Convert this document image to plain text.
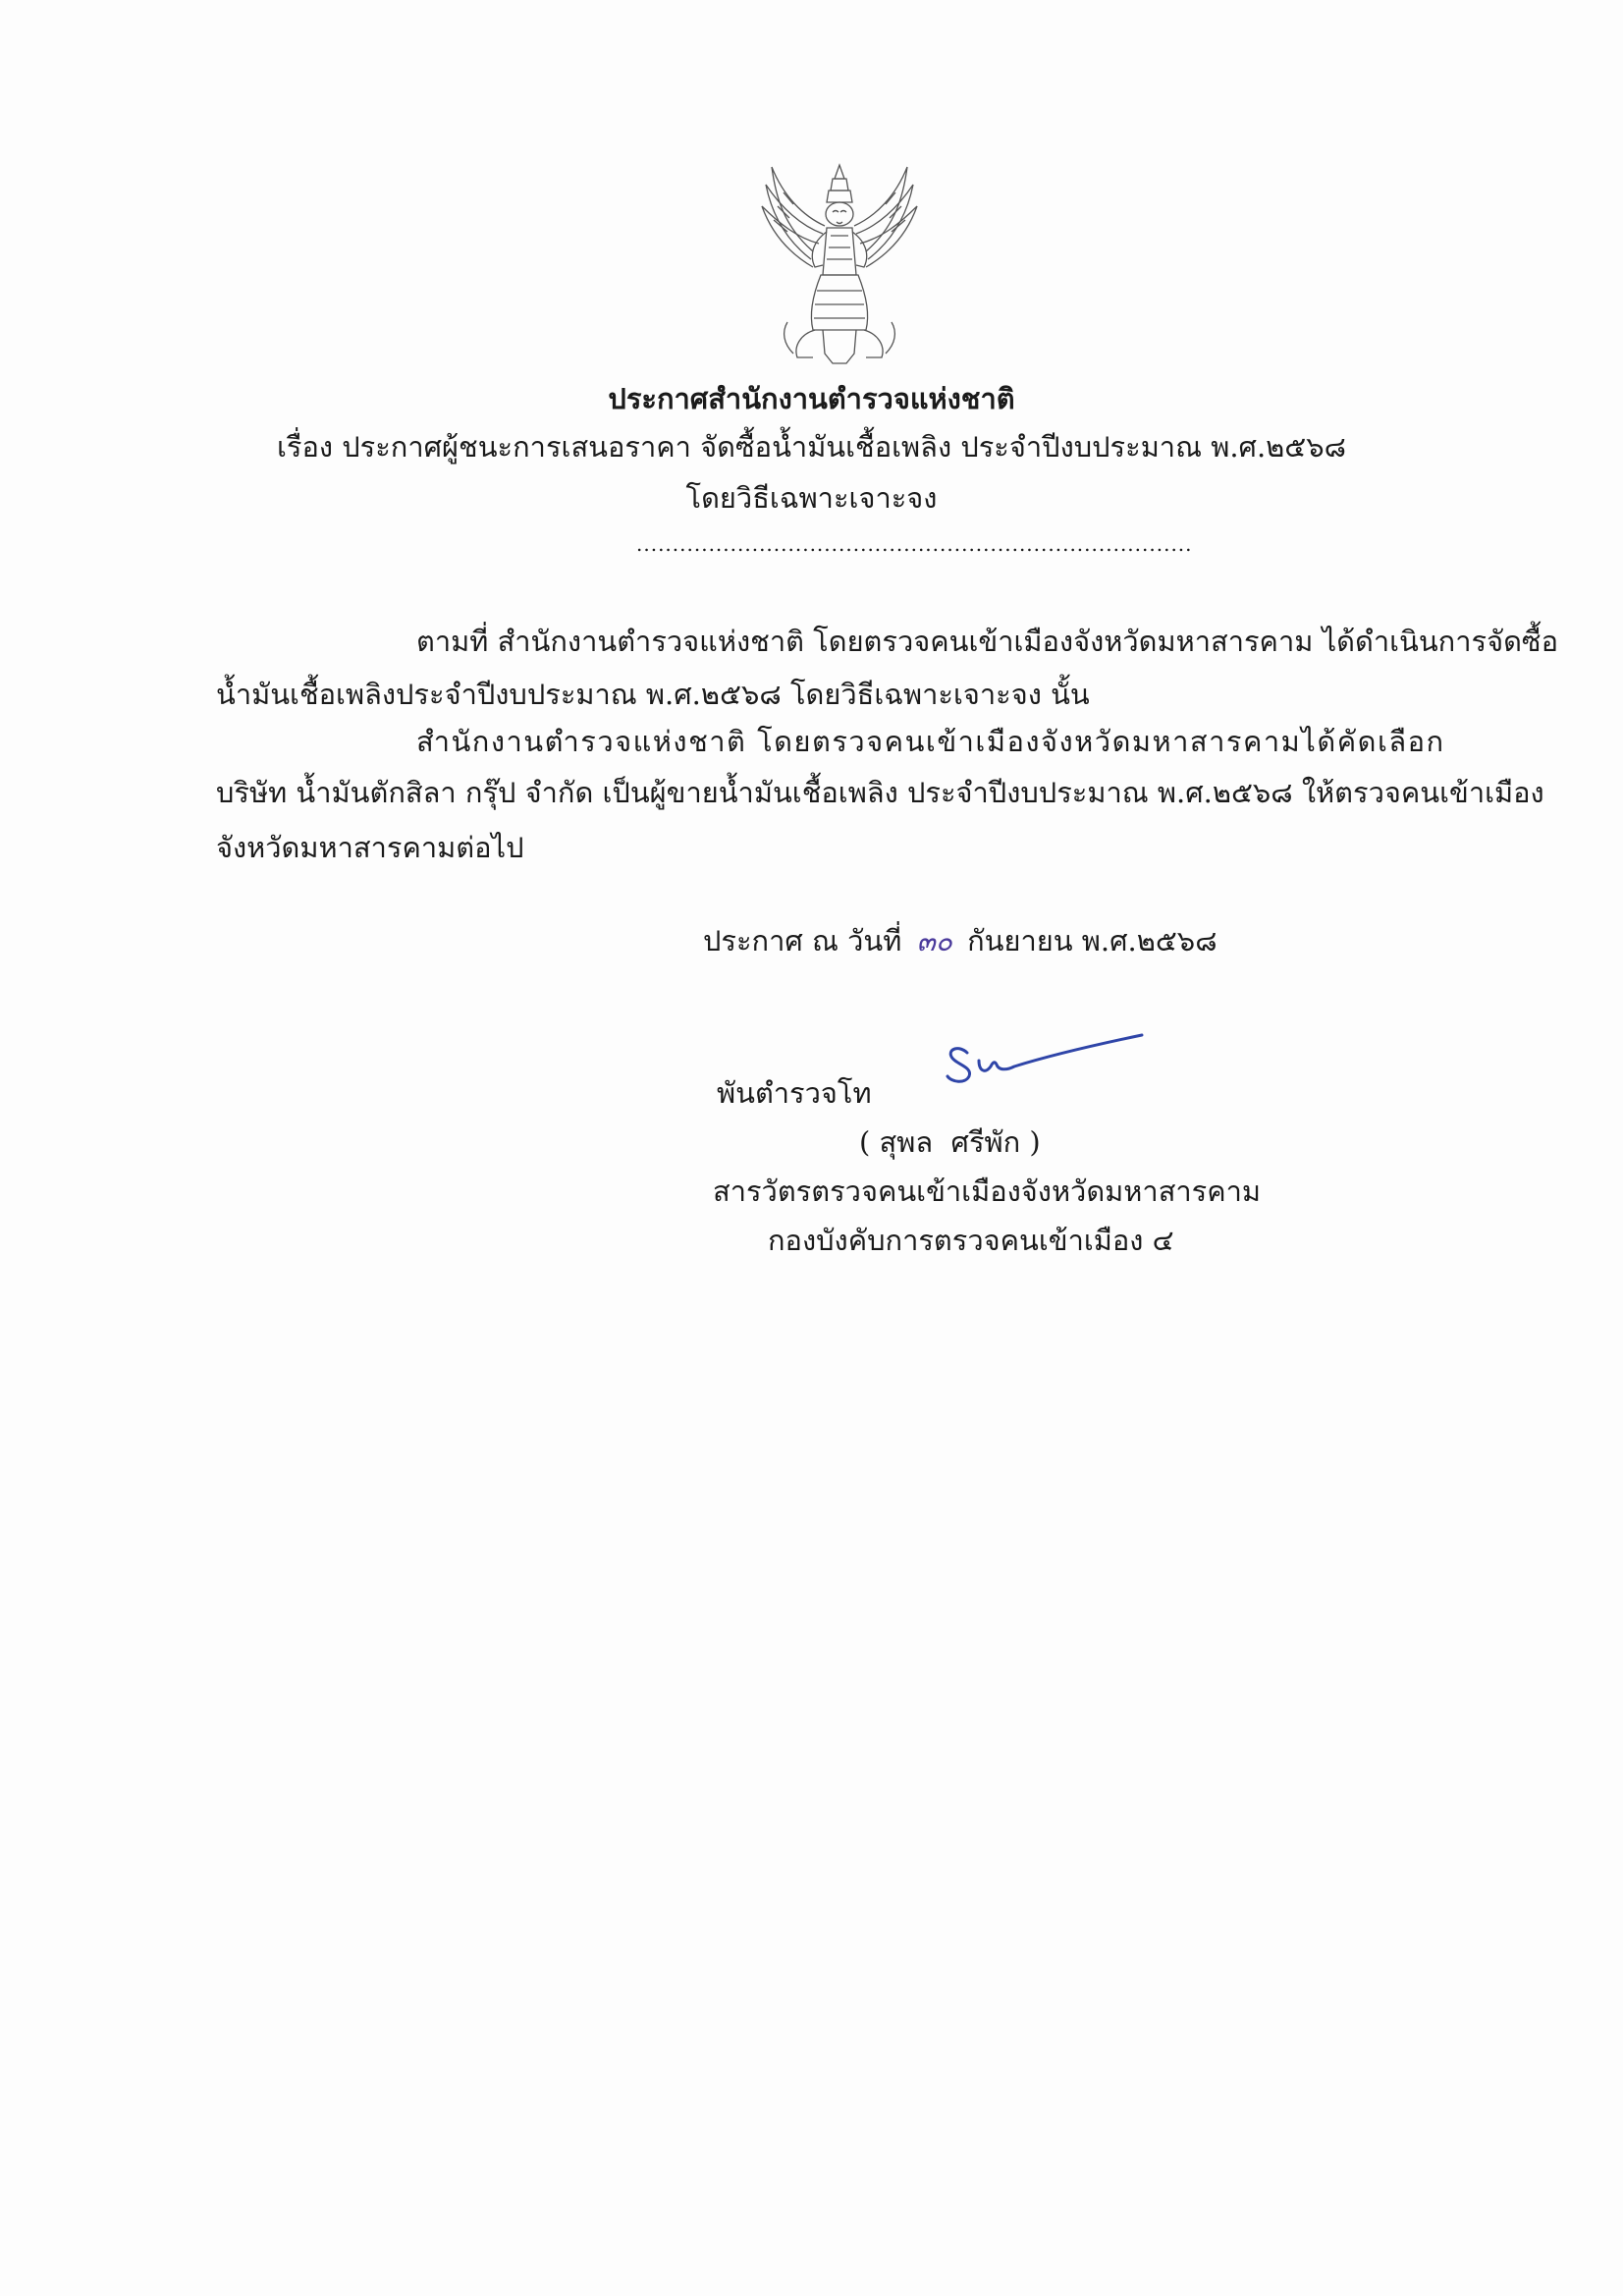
ประกาศสำนักงานตำรวจแห่งชาติ
เรื่อง ประกาศผู้ชนะการเสนอราคา จัดซื้อน้ำมันเชื้อเพลิง ประจำปีงบประมาณ พ.ศ.๒๕๖๘
โดยวิธีเฉพาะเจาะจง
.............................................................................
ตามที่ สำนักงานตำรวจแห่งชาติ โดยตรวจคนเข้าเมืองจังหวัดมหาสารคาม ได้ดำเนินการจัดซื้อ
น้ำมันเชื้อเพลิงประจำปีงบประมาณ พ.ศ.๒๕๖๘ โดยวิธีเฉพาะเจาะจง นั้น
สำนักงานตำรวจแห่งชาติ โดยตรวจคนเข้าเมืองจังหวัดมหาสารคามได้คัดเลือก
บริษัท น้ำมันตักสิลา กรุ๊ป จำกัด เป็นผู้ขายน้ำมันเชื้อเพลิง ประจำปีงบประมาณ พ.ศ.๒๕๖๘ ให้ตรวจคนเข้าเมือง
จังหวัดมหาสารคามต่อไป
ประกาศ ณ วันที่ ๓๐ กันยายน พ.ศ.๒๕๖๘
พันตำรวจโท
( สุพล  ศรีพัก )
สารวัตรตรวจคนเข้าเมืองจังหวัดมหาสารคาม
กองบังคับการตรวจคนเข้าเมือง ๔
